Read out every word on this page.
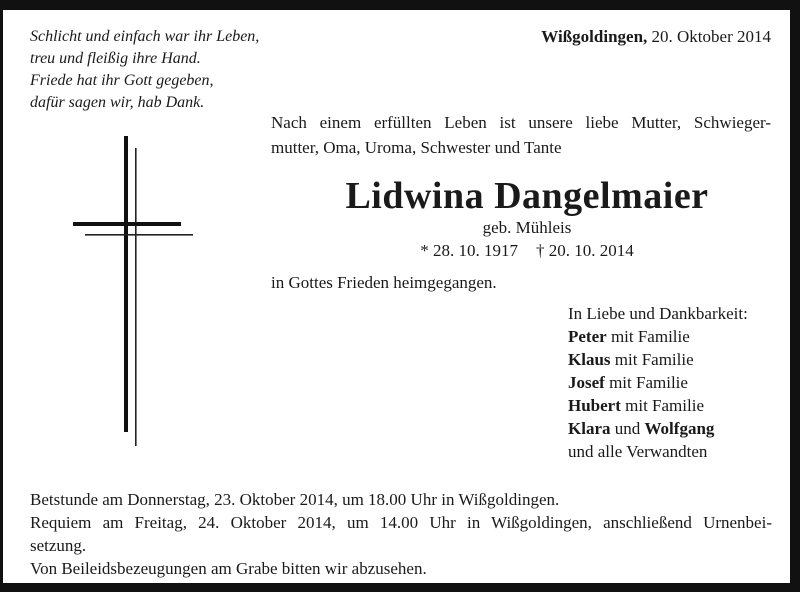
Schlicht und einfach war ihr Leben,
treu und fleißig ihre Hand.
Friede hat ihr Gott gegeben,
dafür sagen wir, hab Dank.
Wißgoldingen, 20. Oktober 2014
Nach einem erfüllten Leben ist unsere liebe Mutter, Schwieger-
mutter, Oma, Uroma, Schwester und Tante
Lidwina Dangelmaier
geb. Mühleis
* 28. 10. 1917 † 20. 10. 2014
in Gottes Frieden heimgegangen.
In Liebe und Dankbarkeit:
Peter mit Familie
Klaus mit Familie
Josef mit Familie
Hubert mit Familie
Klara und Wolfgang
und alle Verwandten
Betstunde am Donnerstag, 23. Oktober 2014, um 18.00 Uhr in Wißgoldingen.
Requiem am Freitag, 24. Oktober 2014, um 14.00 Uhr in Wißgoldingen, anschließend Urnenbei-
setzung.
Von Beileidsbezeugungen am Grabe bitten wir abzusehen.
